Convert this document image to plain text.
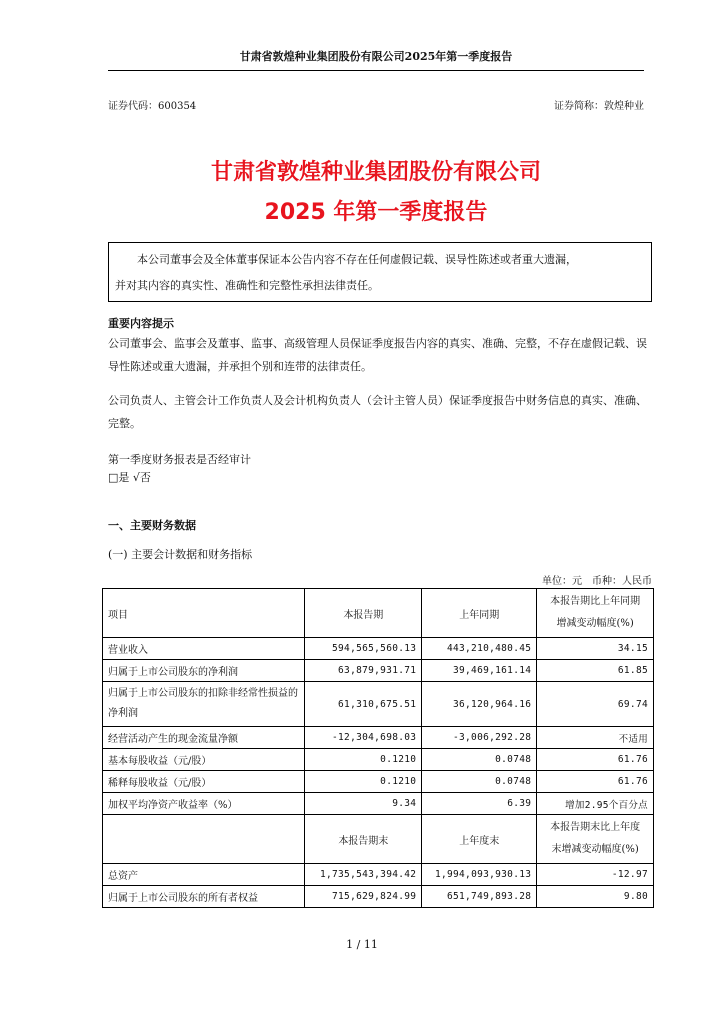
甘肃省敦煌种业集团股份有限公司2025年第一季度报告
证券代码：600354	证券简称：敦煌种业
甘肃省敦煌种业集团股份有限公司
2025 年第一季度报告
本公司董事会及全体董事保证本公告内容不存在任何虚假记载、误导性陈述或者重大遗漏，
并对其内容的真实性、准确性和完整性承担法律责任。
重要内容提示
公司董事会、监事会及董事、监事、高级管理人员保证季度报告内容的真实、准确、完整，不存在虚假记载、误导性陈述或重大遗漏，并承担个别和连带的法律责任。
公司负责人、主管会计工作负责人及会计机构负责人（会计主管人员）保证季度报告中财务信息的真实、准确、完整。
第一季度财务报表是否经审计
□是 √否
一、主要财务数据
(一) 主要会计数据和财务指标
单位：元　币种：人民币
项目	本报告期	上年同期	本报告期比上年同期
增减变动幅度(%)

营业收入	594,565,560.13	443,210,480.45	34.15
归属于上市公司股东的净利润	63,879,931.71	39,469,161.14	61.85
归属于上市公司股东的扣除非经常性损益的净利润	61,310,675.51	36,120,964.16	69.74
经营活动产生的现金流量净额	-12,304,698.03	-3,006,292.28	不适用
基本每股收益（元/股）	0.1210	0.0748	61.76
稀释每股收益（元/股）	0.1210	0.0748	61.76
加权平均净资产收益率（%）	9.34	6.39	增加2.95个百分点
	本报告期末	上年度末	本报告期末比上年度
末增减变动幅度(%)

总资产	1,735,543,394.42	1,994,093,930.13	-12.97
归属于上市公司股东的所有者权益	715,629,824.99	651,749,893.28	9.80
1 / 11
